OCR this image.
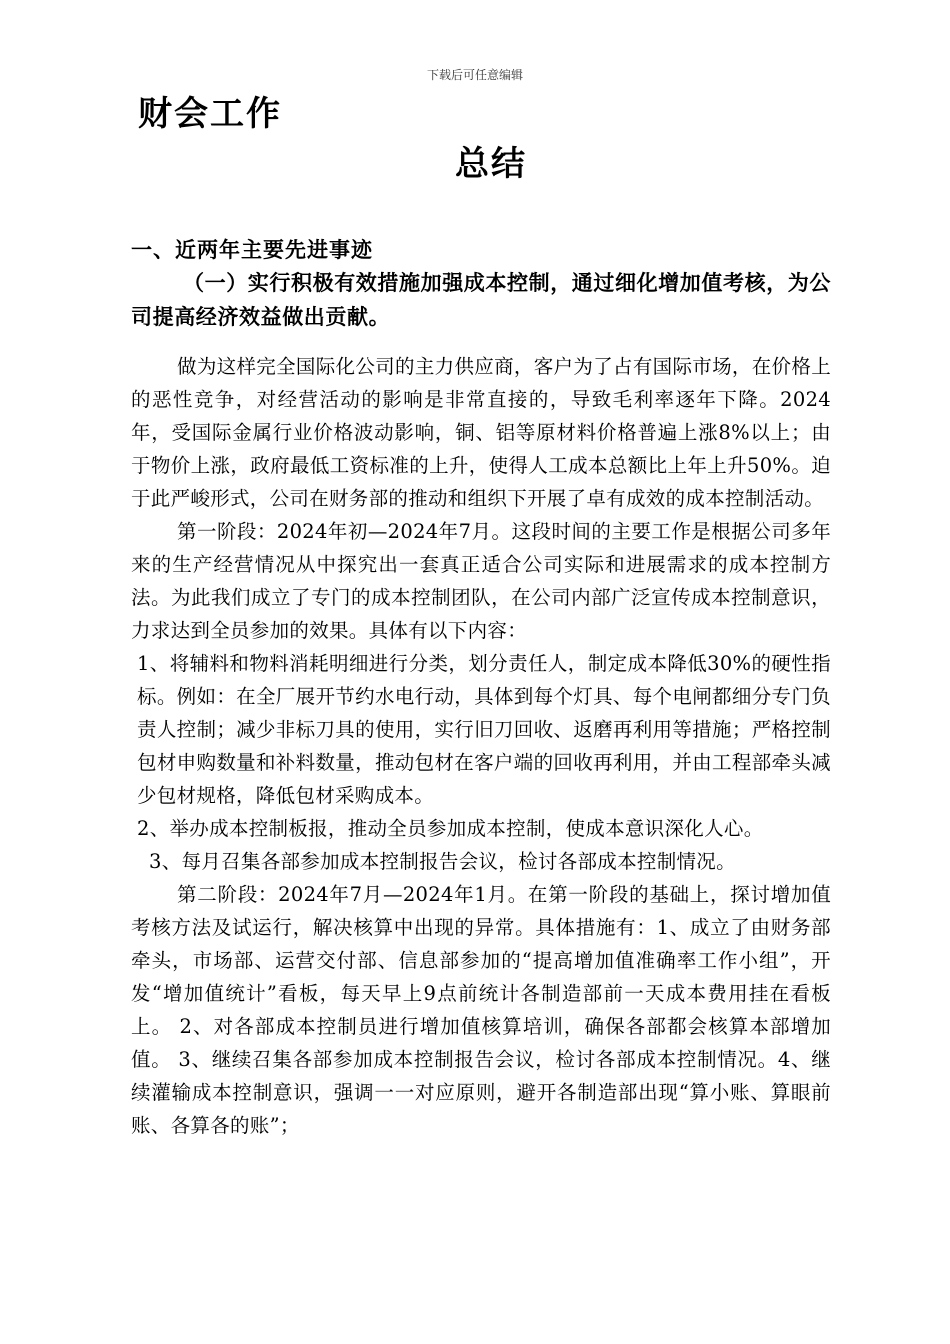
下载后可任意编辑
财会工作
总结
一、近两年主要先进事迹
（一）实行积极有效措施加强成本控制，通过细化增加值考核，为公司提高经济效益做出贡献。

做为这样完全国际化公司的主力供应商，客户为了占有国际市场，在价格上的恶性竞争，对经营活动的影响是非常直接的，导致毛利率逐年下降。2024年，受国际金属行业价格波动影响，铜、铝等原材料价格普遍上涨8%以上；由于物价上涨，政府最低工资标准的上升，使得人工成本总额比上年上升50%。迫于此严峻形式，公司在财务部的推动和组织下开展了卓有成效的成本控制活动。

第一阶段：2024年初—2024年7月。这段时间的主要工作是根据公司多年来的生产经营情况从中探究出一套真正适合公司实际和进展需求的成本控制方法。为此我们成立了专门的成本控制团队，在公司内部广泛宣传成本控制意识，力求达到全员参加的效果。具体有以下内容：

1、将辅料和物料消耗明细进行分类，划分责任人，制定成本降低30%的硬性指标。例如：在全厂展开节约水电行动，具体到每个灯具、每个电闸都细分专门负责人控制；减少非标刀具的使用，实行旧刀回收、返磨再利用等措施；严格控制包材申购数量和补料数量，推动包材在客户端的回收再利用，并由工程部牵头减少包材规格，降低包材采购成本。

2、举办成本控制板报，推动全员参加成本控制，使成本意识深化人心。

3、每月召集各部参加成本控制报告会议，检讨各部成本控制情况。

第二阶段：2024年7月—2024年1月。在第一阶段的基础上，探讨增加值考核方法及试运行，解决核算中出现的异常。具体措施有：1、成立了由财务部牵头，市场部、运营交付部、信息部参加的“提高增加值准确率工作小组”，开发“增加值统计”看板，每天早上9点前统计各制造部前一天成本费用挂在看板上。 2、对各部成本控制员进行增加值核算培训，确保各部都会核算本部增加值。 3、继续召集各部参加成本控制报告会议，检讨各部成本控制情况。4、继续灌输成本控制意识，强调一一对应原则，避开各制造部出现“算小账、算眼前账、各算各的账”；
